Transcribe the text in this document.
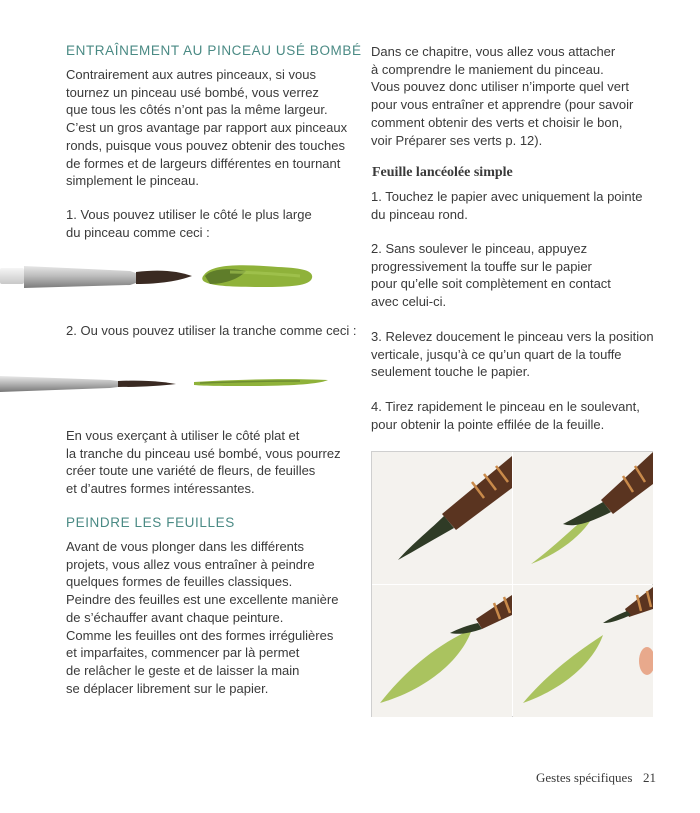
ENTRAÎNEMENT AU PINCEAU USÉ BOMBÉ
Contrairement aux autres pinceaux, si vous
tournez un pinceau usé bombé, vous verrez
que tous les côtés n’ont pas la même largeur.
C’est un gros avantage par rapport aux pinceaux
ronds, puisque vous pouvez obtenir des touches
de formes et de largeurs différentes en tournant
simplement le pinceau.
1. Vous pouvez utiliser le côté le plus large
du pinceau comme ceci :
2. Ou vous pouvez utiliser la tranche comme ceci :
En vous exerçant à utiliser le côté plat et
la tranche du pinceau usé bombé, vous pourrez
créer toute une variété de fleurs, de feuilles
et d’autres formes intéressantes.
PEINDRE LES FEUILLES
Avant de vous plonger dans les différents
projets, vous allez vous entraîner à peindre
quelques formes de feuilles classiques.
Peindre des feuilles est une excellente manière
de s’échauffer avant chaque peinture.
Comme les feuilles ont des formes irrégulières
et imparfaites, commencer par là permet
de relâcher le geste et de laisser la main
se déplacer librement sur le papier.
Dans ce chapitre, vous allez vous attacher
à comprendre le maniement du pinceau.
Vous pouvez donc utiliser n’importe quel vert
pour vous entraîner et apprendre (pour savoir
comment obtenir des verts et choisir le bon,
voir Préparer ses verts p. 12).
Feuille lancéolée simple
1. Touchez le papier avec uniquement la pointe
du pinceau rond.
2. Sans soulever le pinceau, appuyez
progressivement la touffe sur le papier
pour qu’elle soit complètement en contact
avec celui-ci.
3. Relevez doucement le pinceau vers la position
verticale, jusqu’à ce qu’un quart de la touffe
seulement touche le papier.
4. Tirez rapidement le pinceau en le soulevant,
pour obtenir la pointe effilée de la feuille.
Gestes spécifiques 21
